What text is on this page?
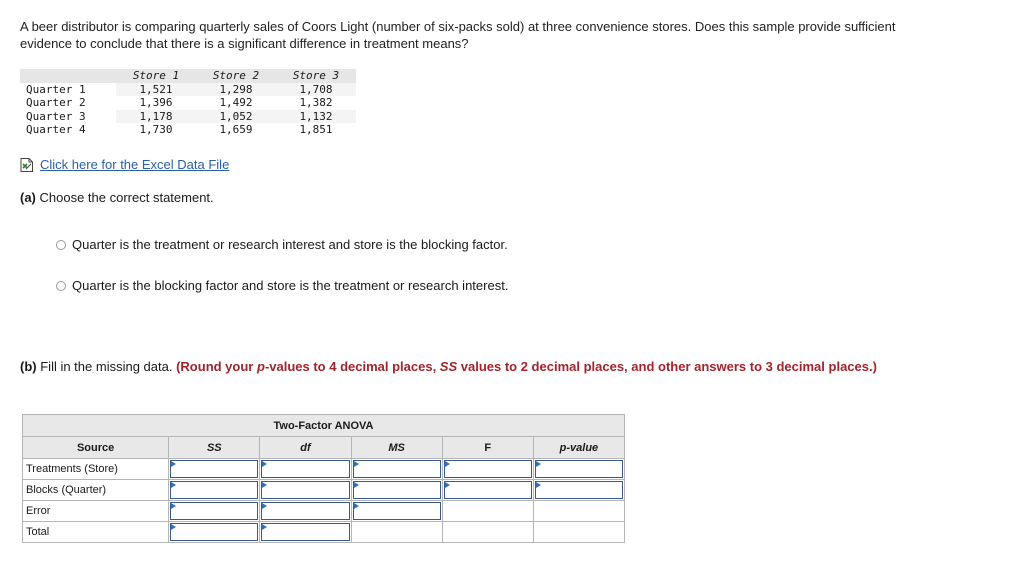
A beer distributor is comparing quarterly sales of Coors Light (number of six-packs sold) at three convenience stores. Does this sample provide sufficient evidence to conclude that there is a significant difference in treatment means?
	Store 1	Store 2	Store 3
Quarter 1	1,521	1,298	1,708
Quarter 2	1,396	1,492	1,382
Quarter 3	1,178	1,052	1,132
Quarter 4	1,730	1,659	1,851
Click here for the Excel Data File
(a) Choose the correct statement.
Quarter is the treatment or research interest and store is the blocking factor.
Quarter is the blocking factor and store is the treatment or research interest.
(b) Fill in the missing data. (Round your p-values to 4 decimal places, SS values to 2 decimal places, and other answers to 3 decimal places.)
Two-Factor ANOVA					
Source	SS	df	MS	F	p-value
Treatments (Store)	

Blocks (Quarter)	

Error	

Total	
